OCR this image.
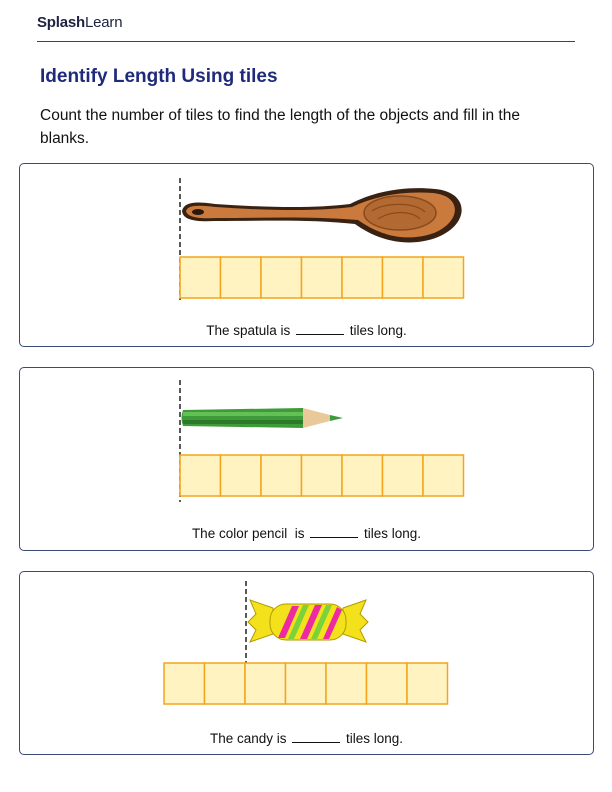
SplashLearn
Identify Length Using tiles
Count the number of tiles to find the length of the objects and fill in the blanks.
The spatula is	tiles long.
The color pencil  is	tiles long.
The candy is	tiles long.
